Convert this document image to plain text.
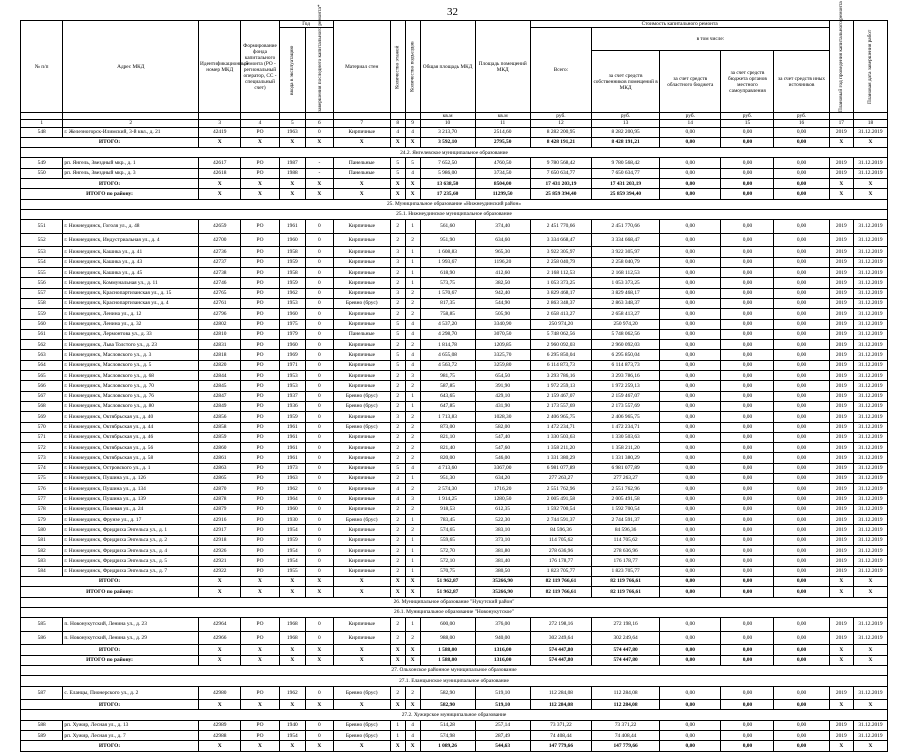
32
№ п/п	Адрес МКД	Идентификационный номер МКД	Формирование фонда капитального ремонта (РО - региональный оператор, СС - специальный счет)	Год		Материал стен	Количество этажей	Количество подъездов	Общая площадь МКД	Площадь помещений МКД	Стоимость капитального ремонта					Плановый год проведения капитального ремонта	Плановая дата завершения работ
				ввода в эксплуатацию	завершения последнего капитального ремонта*						Всего:	в том числе:					
												за счет средств собственников помещений в МКД	за счет средств областного бюджета	за счет средств бюджета органов местного самоуправления	за счет средств иных источников		
									кв.м	кв.м	руб.	руб.	руб.	руб.	руб.		
1	2	3	4	5	6	7	8	9	10	11	12	13	14	15	16	17	18
548	г. Железногорск-Илимский, 3-й квл., д. 21	42419	РО	1963	0	Кирпичные	4	4	3 213,70	2514,60	8 282 200,95	8 282 200,95	0,00	0,00	0,00	2019	31.12.2019
ИТОГО:		X	X	X	X	X	X	X	3 592,10	2795,50	8 428 191,21	8 428 191,21	0,00	0,00	0,00	X	X
24.2. Янгелевское муниципальное образование																	
549	рп. Янгель, Звездный мкр., д. 1	42617	РО	1987	-	Панельные	5	5	7 652,50	4760,50	9 780 568,42	9 780 568,42	0,00	0,00	0,00	2019	31.12.2019
550	рп. Янгель, Звездный мкр., д. 3	42618	РО	1988	-	Панельные	5	4	5 986,00	3734,50	7 650 634,77	7 650 634,77	0,00	0,00	0,00	2019	31.12.2019
ИТОГО:		X	X	X	X	X	X	X	13 638,50	8504,00	17 431 203,19	17 431 203,19	0,00	0,00	0,00	X	X
ИТОГО по району:		X	X	X	X	X	X	X	17 235,60	11299,50	25 859 394,40	25 859 394,40	0,00	0,00	0,00	X	X
25. Муниципальное образование «Нижнеудинский район»																	
25.1. Нижнеудинское муниципальное образование																	
551	г. Нижнеудинск, Гоголя ул., д. 48	42659	РО	1961	0	Кирпичные	2	1	561,60	374,40	2 451 770,66	2 451 770,66	0,00	0,00	0,00	2019	31.12.2019
552	г. Нижнеудинск, Индустриальная ул., д. 4	42700	РО	1960	0	Кирпичные	2	2	951,90	634,60	3 334 668,47	3 334 668,47	0,00	0,00	0,00	2019	31.12.2019
553	г. Нижнеудинск, Кашика ул., д. 41	42736	РО	1958	0	Кирпичные	3	1	1 608,83	965,30	3 922 305,97	3 922 305,97	0,00	0,00	0,00	2019	31.12.2019
554	г. Нижнеудинск, Кашика ул., д. 43	42737	РО	1959	0	Кирпичные	3	1	1 993,67	1196,20	2 258 040,79	2 258 040,79	0,00	0,00	0,00	2019	31.12.2019
555	г. Нижнеудинск, Кашика ул., д. 45	42738	РО	1958	0	Кирпичные	2	1	618,90	412,60	2 168 112,53	2 168 112,53	0,00	0,00	0,00	2019	31.12.2019
556	г. Нижнеудинск, Коммунальная ул., д. 11	42746	РО	1959	0	Кирпичные	2	1	573,75	382,50	1 053 373,25	1 053 373,25	0,00	0,00	0,00	2019	31.12.2019
557	г. Нижнеудинск, Краснопартизанская ул., д. 15	42765	РО	1962	0	Кирпичные	3	2	1 570,67	942,40	3 829 468,17	3 829 468,17	0,00	0,00	0,00	2019	31.12.2019
558	г. Нижнеудинск, Краснопартизанская ул., д. 4	42761	РО	1953	0	Бревно (брус)	2	2	817,35	544,90	2 863 348,37	2 863 348,37	0,00	0,00	0,00	2019	31.12.2019
559	г. Нижнеудинск, Ленина ул., д. 12	42796	РО	1960	0	Кирпичные	2	2	758,85	505,90	2 658 413,27	2 658 413,27	0,00	0,00	0,00	2019	31.12.2019
560	г. Нижнеудинск, Ленина ул., д. 32	42802	РО	1975	0	Кирпичные	5	4	4 537,20	3340,90	250 974,20	250 974,20	0,00	0,00	0,00	2019	31.12.2019
561	г. Нижнеудинск, Лермонтова ул., д. 33	42810	РО	1979	0	Панельные	5	4	4 298,70	3070,50	5 748 062,56	5 748 062,56	0,00	0,00	0,00	2019	31.12.2019
562	г. Нижнеудинск, Льва Толстого ул., д. 23	42831	РО	1960	0	Кирпичные	2	2	1 814,78	1209,85	2 960 092,03	2 960 092,03	0,00	0,00	0,00	2019	31.12.2019
563	г. Нижнеудинск, Масловского ул., д. 3	42818	РО	1969	0	Кирпичные	5	4	4 655,08	3325,70	6 295 850,04	6 295 850,04	0,00	0,00	0,00	2019	31.12.2019
564	г. Нижнеудинск, Масловского ул., д. 5	42820	РО	1971	0	Кирпичные	5	4	4 563,72	3259,80	6 114 873,73	6 114 873,73	0,00	0,00	0,00	2019	31.12.2019
565	г. Нижнеудинск, Масловского ул., д. 68	42844	РО	1953	0	Кирпичные	2	3	981,75	654,50	3 293 786,16	3 293 786,16	0,00	0,00	0,00	2019	31.12.2019
566	г. Нижнеудинск, Масловского ул., д. 70	42845	РО	1953	0	Кирпичные	2	2	587,85	391,90	1 972 259,13	1 972 259,13	0,00	0,00	0,00	2019	31.12.2019
567	г. Нижнеудинск, Масловского ул., д. 76	42847	РО	1937	0	Бревно (брус)	2	1	643,65	429,10	2 159 467,07	2 159 467,07	0,00	0,00	0,00	2019	31.12.2019
568	г. Нижнеудинск, Масловского ул., д. 80	42849	РО	1936	0	Бревно (брус)	2	1	647,85	431,90	2 173 557,69	2 173 557,69	0,00	0,00	0,00	2019	31.12.2019
569	г. Нижнеудинск, Октябрьская ул., д. 40	42856	РО	1959	0	Кирпичные	3	2	1 713,83	1028,30	2 406 965,75	2 406 965,75	0,00	0,00	0,00	2019	31.12.2019
570	г. Нижнеудинск, Октябрьская ул., д. 44	42858	РО	1961	0	Бревно (брус)	2	2	873,00	582,00	1 472 234,71	1 472 234,71	0,00	0,00	0,00	2019	31.12.2019
571	г. Нижнеудинск, Октябрьская ул., д. 46	42859	РО	1961	0	Кирпичные	2	2	821,10	547,40	1 330 503,63	1 330 503,63	0,00	0,00	0,00	2019	31.12.2019
572	г. Нижнеудинск, Октябрьская ул., д. 56	42860	РО	1961	0	Кирпичные	2	2	821,40	547,60	1 358 211,20	1 358 211,20	0,00	0,00	0,00	2019	31.12.2019
573	г. Нижнеудинск, Октябрьская ул., д. 58	42861	РО	1961	0	Кирпичные	2	2	820,00	546,00	1 331 380,29	1 331 380,29	0,00	0,00	0,00	2019	31.12.2019
574	г. Нижнеудинск, Островского ул., д. 1	42863	РО	1973	0	Кирпичные	5	4	4 713,60	3367,00	6 981 077,89	6 981 077,89	0,00	0,00	0,00	2019	31.12.2019
575	г. Нижнеудинск, Пушина ул., д. 126	42865	РО	1963	0	Кирпичные	2	1	951,30	634,20	277 263,27	277 263,27	0,00	0,00	0,00	2019	31.12.2019
576	г. Нижнеудинск, Пушина ул., д. 134	42870	РО	1962	0	Кирпичные	4	2	2 574,30	1716,20	2 551 762,96	2 551 762,96	0,00	0,00	0,00	2019	31.12.2019
577	г. Нижнеудинск, Пушина ул., д. 139	42878	РО	1964	0	Кирпичные	4	3	1 914,25	1280,50	2 005 491,58	2 005 491,58	0,00	0,00	0,00	2019	31.12.2019
578	г. Нижнеудинск, Полевая ул., д. 24	42879	РО	1960	0	Кирпичные	2	2	918,53	612,35	1 592 700,54	1 592 700,54	0,00	0,00	0,00	2019	31.12.2019
579	г. Нижнеудинск, Фрунзе ул., д. 17	42916	РО	1930	0	Бревно (брус)	2	1	783,45	522,30	2 744 591,37	2 744 591,37	0,00	0,00	0,00	2019	31.12.2019
580	г. Нижнеудинск, Фридриха Энгельса ул., д. 1	42917	РО	1954	0	Кирпичные	2	2	574,65	383,10	84 596,36	84 596,36	0,00	0,00	0,00	2019	31.12.2019
581	г. Нижнеудинск, Фридриха Энгельса ул., д. 2	42918	РО	1959	0	Кирпичные	2	1	559,65	373,10	114 705,62	114 705,62	0,00	0,00	0,00	2019	31.12.2019
582	г. Нижнеудинск, Фридриха Энгельса ул., д. 4	42926	РО	1954	0	Кирпичные	2	1	572,70	381,80	278 636,96	278 636,96	0,00	0,00	0,00	2019	31.12.2019
583	г. Нижнеудинск, Фридриха Энгельса ул., д. 5	42921	РО	1954	0	Кирпичные	2	1	572,10	381,40	176 178,77	176 178,77	0,00	0,00	0,00	2019	31.12.2019
584	г. Нижнеудинск, Фридриха Энгельса ул., д. 7	42922	РО	1955	0	Кирпичные	2	1	570,75	380,50	1 823 705,77	1 823 705,77	0,00	0,00	0,00	2019	31.12.2019
ИТОГО:		X	X	X	X	X	X	X	51 962,87	35266,90	82 119 766,61	82 119 766,61	0,00	0,00	0,00	X	X
ИТОГО по району:		X	X	X	X	X	X	X	51 962,87	35266,90	82 119 766,61	82 119 766,61	0,00	0,00	0,00	X	X
26. Муниципальное образование "Нукутский район"																	
26.1. Муниципальное образование "Новонукутское"																	
585	п. Новонукутский, Ленина ул., д. 23	42964	РО	1968	0	Кирпичные	2	1	600,00	376,00	272 198,16	272 198,16	0,00	0,00	0,00	2019	31.12.2019
586	п. Новонукутский, Ленина ул., д. 29	42966	РО	1968	0	Кирпичные	2	2	988,00	940,00	302 249,64	302 249,64	0,00	0,00	0,00	2019	31.12.2019
ИТОГО:		X	X	X	X	X	X	X	1 588,00	1316,00	574 447,80	574 447,80	0,00	0,00	0,00	X	X
ИТОГО по району:		X	X	X	X	X	X	X	1 588,00	1316,00	574 447,80	574 447,80	0,00	0,00	0,00	X	X
27. Ольхонское районное муниципальное образование																	
27.1. Еланцынское муниципальное образование																	
587	с. Еланцы, Пионерского ул., д. 2	42980	РО	1962	0	Бревно (брус)	2	2	582,90	519,10	112 284,08	112 284,08	0,00	0,00	0,00	2019	31.12.2019
ИТОГО:		X	X	X	X	X	X	X	582,90	519,10	112 284,08	112 284,08	0,00	0,00	0,00	X	X
27.2. Хужирское муниципальное образование																	
588	рп. Хужир, Лесная ул., д. 13	42989	РО	1940	0	Бревно (брус)	1	4	514,28	257,14	73 371,22	73 371,22	0,00	0,00	0,00	2019	31.12.2019
589	рп. Хужир, Лесная ул., д. 7	42988	РО	1954	0	Бревно (брус)	1	4	574,98	287,49	74 408,44	74 408,44	0,00	0,00	0,00	2019	31.12.2019
ИТОГО:		X	X	X	X	X	X	X	1 089,26	544,63	147 779,66	147 779,66	0,00	0,00	0,00	X	X
